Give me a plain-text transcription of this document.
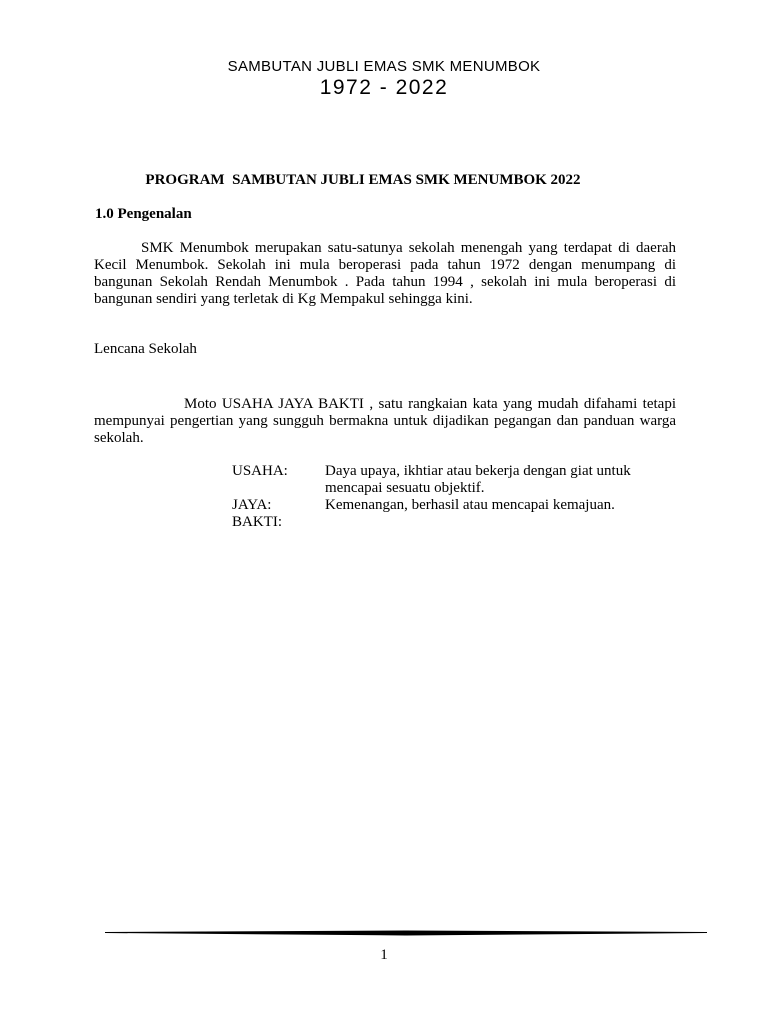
SAMBUTAN JUBLI EMAS SMK MENUMBOK
1972 - 2022
PROGRAM  SAMBUTAN JUBLI EMAS SMK MENUMBOK 2022
1.0 Pengenalan
SMK Menumbok merupakan satu-satunya sekolah menengah yang terdapat di daerah Kecil Menumbok. Sekolah ini mula beroperasi pada tahun 1972 dengan menumpang di bangunan Sekolah Rendah Menumbok . Pada tahun 1994 , sekolah ini mula beroperasi di bangunan sendiri yang terletak di Kg Mempakul sehingga kini.
Lencana Sekolah
Moto USAHA JAYA BAKTI , satu rangkaian kata yang mudah difahami tetapi mempunyai pengertian yang sungguh bermakna untuk dijadikan pegangan dan panduan warga sekolah.
USAHA: Daya upaya, ikhtiar atau bekerja dengan giat untuk mencapai sesuatu objektif.
JAYA:	Kemenangan, berhasil atau mencapai kemajuan.
BAKTI:
1
